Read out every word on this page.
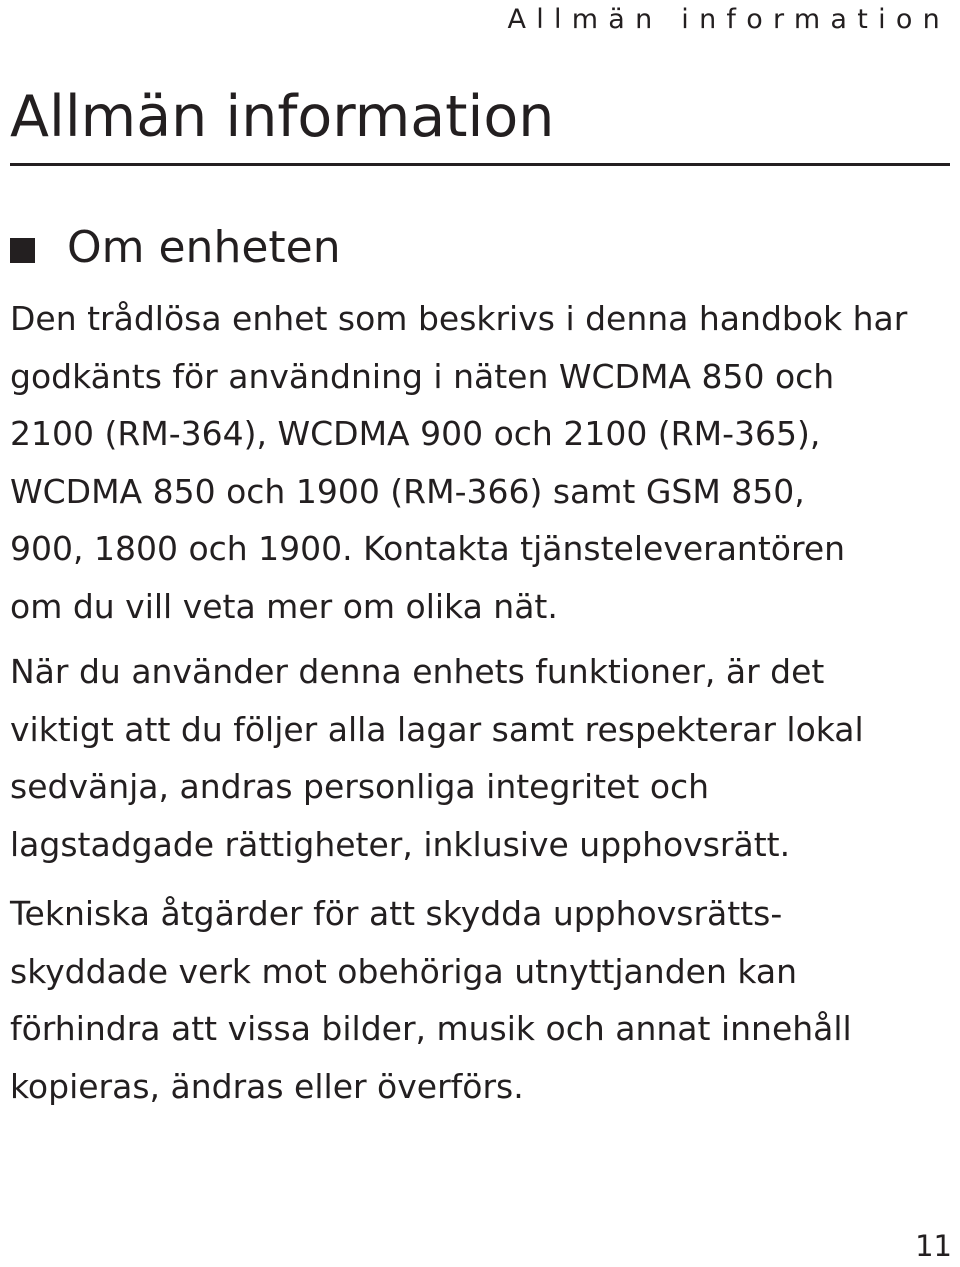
Allmän information
Allmän information
Om enheten

Den trådlösa enhet som beskrivs i denna handbok har
godkänts för användning i näten WCDMA 850 och
2100 (RM-364), WCDMA 900 och 2100 (RM-365),
WCDMA 850 och 1900 (RM-366) samt GSM 850,
900, 1800 och 1900. Kontakta tjänsteleverantören
om du vill veta mer om olika nät.

När du använder denna enhets funktioner, är det
viktigt att du följer alla lagar samt respekterar lokal
sedvänja, andras personliga integritet och
lagstadgade rättigheter, inklusive upphovsrätt.

Tekniska åtgärder för att skydda upphovsrätts-
skyddade verk mot obehöriga utnyttjanden kan
förhindra att vissa bilder, musik och annat innehåll
kopieras, ändras eller överförs.

11
